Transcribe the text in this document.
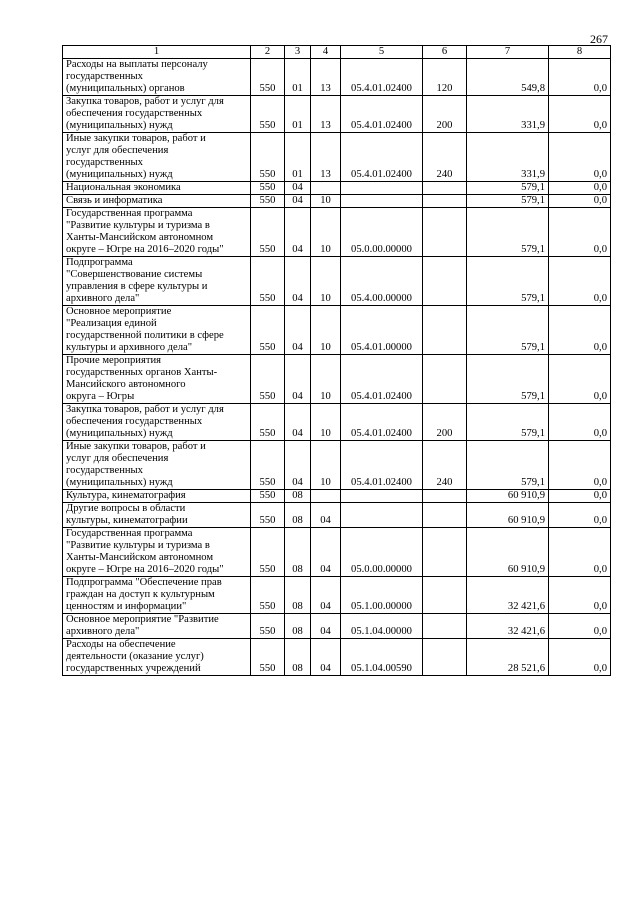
267
1	2	3	4	5	6	7	8
Расходы на выплаты персоналу
государственных
(муниципальных) органов	550	01	13	05.4.01.02400	120	549,8	0,0
Закупка товаров, работ и услуг для
обеспечения государственных
(муниципальных) нужд	550	01	13	05.4.01.02400	200	331,9	0,0
Иные закупки товаров, работ и
услуг для обеспечения
государственных
(муниципальных) нужд	550	01	13	05.4.01.02400	240	331,9	0,0
Национальная экономика	550	04				579,1	0,0
Связь и информатика	550	04	10			579,1	0,0
Государственная программа
"Развитие культуры и туризма в
Ханты-Мансийском автономном
округе – Югре на 2016–2020 годы"	550	04	10	05.0.00.00000		579,1	0,0
Подпрограмма
"Совершенствование системы
управления в сфере культуры и
архивного дела"	550	04	10	05.4.00.00000		579,1	0,0
Основное мероприятие
"Реализация единой
государственной политики в сфере
культуры и архивного дела"	550	04	10	05.4.01.00000		579,1	0,0
Прочие мероприятия
государственных органов Ханты-
Мансийского автономного
округа – Югры	550	04	10	05.4.01.02400		579,1	0,0
Закупка товаров, работ и услуг для
обеспечения государственных
(муниципальных) нужд	550	04	10	05.4.01.02400	200	579,1	0,0
Иные закупки товаров, работ и
услуг для обеспечения
государственных
(муниципальных) нужд	550	04	10	05.4.01.02400	240	579,1	0,0
Культура, кинематография	550	08				60 910,9	0,0
Другие вопросы в области
культуры, кинематографии	550	08	04			60 910,9	0,0
Государственная программа
"Развитие культуры и туризма в
Ханты-Мансийском автономном
округе – Югре на 2016–2020 годы"	550	08	04	05.0.00.00000		60 910,9	0,0
Подпрограмма "Обеспечение прав
граждан на доступ к культурным
ценностям и информации"	550	08	04	05.1.00.00000		32 421,6	0,0
Основное мероприятие "Развитие
архивного дела"	550	08	04	05.1.04.00000		32 421,6	0,0
Расходы на обеспечение
деятельности (оказание услуг)
государственных учреждений	550	08	04	05.1.04.00590		28 521,6	0,0
